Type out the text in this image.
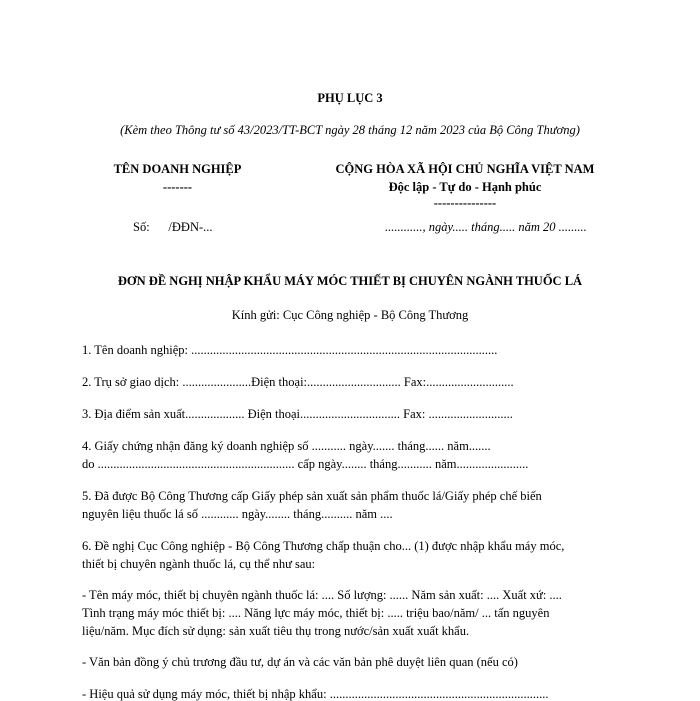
PHỤ LỤC 3
(Kèm theo Thông tư số 43/2023/TT-BCT ngày 28 tháng 12 năm 2023 của Bộ Công Thương)
TÊN DOANH NGHIỆP
-------
CỘNG HÒA XÃ HỘI CHỦ NGHĨA VIỆT NAM
Độc lập - Tự do - Hạnh phúc
---------------
Số:      /ĐĐN-...	............, ngày..... tháng..... năm 20 .........
ĐƠN ĐỀ NGHỊ NHẬP KHẨU MÁY MÓC THIẾT BỊ CHUYÊN NGÀNH THUỐC LÁ
Kính gửi: Cục Công nghiệp - Bộ Công Thương
1. Tên doanh nghiệp: ..................................................................................................
2. Trụ sở giao dịch: ......................Điện thoại:.............................. Fax:............................
3. Địa điểm sản xuất................... Điện thoại................................ Fax: ...........................
4. Giấy chứng nhận đăng ký doanh nghiệp số ........... ngày....... tháng...... năm.......
do ............................................................... cấp ngày........ tháng........... năm.......................
5. Đã được Bộ Công Thương cấp Giấy phép sản xuất sản phẩm thuốc lá/Giấy phép chế biến
nguyên liệu thuốc lá số ............ ngày........ tháng.......... năm ....
6. Đề nghị Cục Công nghiệp - Bộ Công Thương chấp thuận cho... (1) được nhập khẩu máy móc,
thiết bị chuyên ngành thuốc lá, cụ thể như sau:
- Tên máy móc, thiết bị chuyên ngành thuốc lá: .... Số lượng: ...... Năm sản xuất: .... Xuất xứ: ....
Tình trạng máy móc thiết bị: .... Năng lực máy móc, thiết bị: ..... triệu bao/năm/ ... tấn nguyên
liệu/năm. Mục đích sử dụng: sản xuất tiêu thụ trong nước/sản xuất xuất khẩu.
- Văn bản đồng ý chủ trương đầu tư, dự án và các văn bản phê duyệt liên quan (nếu có)
- Hiệu quả sử dụng máy móc, thiết bị nhập khẩu: ......................................................................
